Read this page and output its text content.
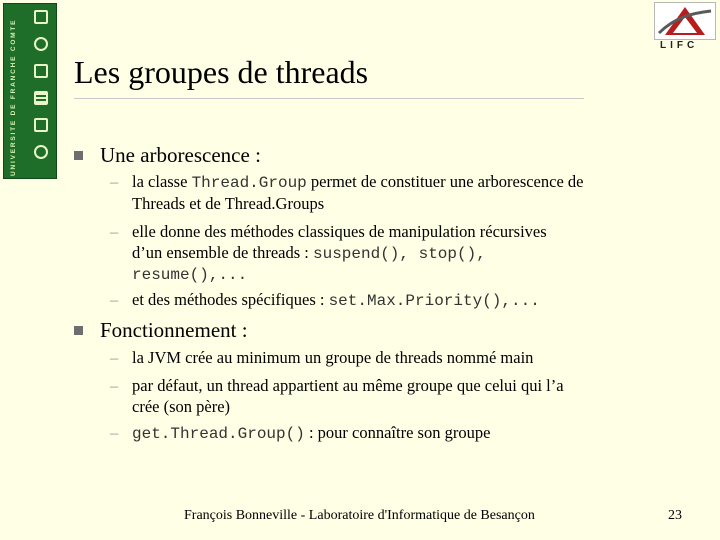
UNIVERSITE DE FRANCHE COMTE	LIFC
Les groupes de threads
Une arborescence :
– la classe Thread.Group permet de constituer une arborescence de
Threads et de Thread.Groups
– elle donne des méthodes classiques de manipulation récursives
d’un ensemble de threads : suspend(), stop(),
resume(),...
– et des méthodes spécifiques : set.Max.Priority(),...
Fonctionnement :
– la JVM crée au minimum un groupe de threads nommé main
– par défaut, un thread appartient au même groupe que celui qui l’a
crée (son père)
– get.Thread.Group() : pour connaître son groupe
François Bonneville - Laboratoire d'Informatique de Besançon	23
